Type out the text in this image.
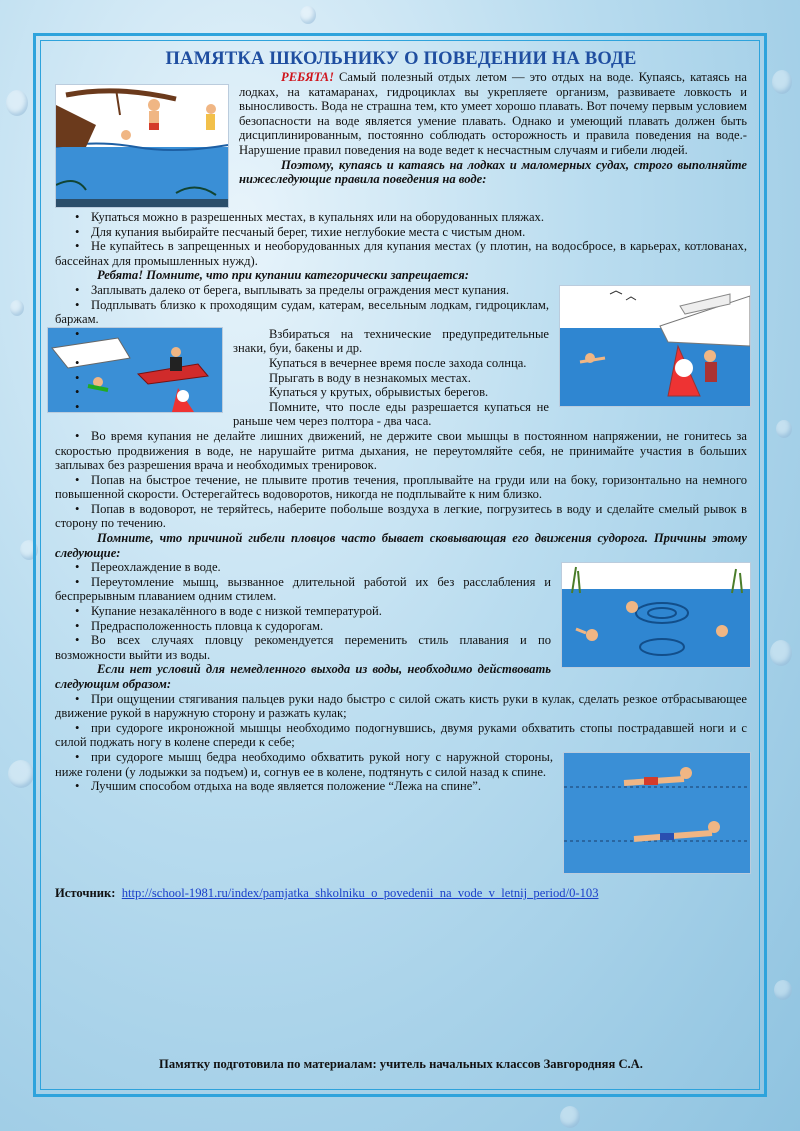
ПАМЯТКА ШКОЛЬНИКУ О ПОВЕДЕНИИ НА ВОДЕ

РЕБЯТА! Самый полезный отдых летом — это отдых на воде. Купаясь, катаясь на лодках, на катамаранах, гидроциклах вы укрепляете организм, развиваете ловкость и выносливость. Вода не страшна тем, кто умеет хорошо плавать. Вот почему первым условием безопасности на воде является умение плавать. Однако и умеющий плавать должен быть дисциплинированным, постоянно соблюдать осторожность и правила поведения на воде.- Нарушение правил поведения на воде ведет к несчастным случаям и гибели людей.

Поэтому, купаясь и катаясь на лодках и маломерных судах, строго выполняйте нижеследующие правила поведения на воде:

• Купаться можно в разрешенных местах, в купальнях или на оборудованных пляжах.
• Для купания выбирайте песчаный берег, тихие неглубокие места с чистым дном.
• Не купайтесь в запрещенных и необорудованных для купания местах (у плотин, на водосбросе, в карьерах, котлованах, бассейнах для промышленных нужд).

Ребята! Помните, что при купании категорически запрещается:

• Заплывать далеко от берега, выплывать за пределы ограждения мест купания.
• Подплывать близко к проходящим судам, катерам, весельным лодкам, гидроциклам, баржам.
• Взбираться на технические предупредительные знаки, буи, бакены и др.
• Купаться в вечернее время после захода солнца.
• Прыгать в воду в незнакомых местах.
• Купаться у крутых, обрывистых берегов.
• Помните, что после еды разрешается купаться не раньше чем через полтора - два часа.
• Во время купания не делайте лишних движений, не держите свои мышцы в постоянном напряжении, не гонитесь за скоростью продвижения в воде, не нарушайте ритма дыхания, не переутомляйте себя, не принимайте участия в больших заплывах без разрешения врача и необходимых тренировок.
• Попав на быстрое течение, не плывите против течения, проплывайте на груди или на боку, горизонтально на немного повышенной скорости. Остерегайтесь водоворотов, никогда не подплывайте к ним близко.
• Попав в водоворот, не теряйтесь, наберите побольше воздуха в легкие, погрузитесь в воду и сделайте смелый рывок в сторону по течению.

Помните, что причиной гибели пловцов часто бывает сковывающая его движения судорога. Причины этому следующие:

• Переохлаждение в воде.
• Переутомление мышц, вызванное длительной работой их без расслабления и беспрерывным плаванием одним стилем.
• Купание незакалённого в воде с низкой температурой.
• Предрасположенность пловца к судорогам.
• Во всех случаях пловцу рекомендуется переменить стиль плавания и по возможности выйти из воды.

Если нет условий для немедленного выхода из воды, необходимо действовать следующим образом:

• При ощущении стягивания пальцев руки надо быстро с силой сжать кисть руки в кулак, сделать резкое отбрасывающее движение рукой в наружную сторону и разжать кулак;
• при судороге икроножной мышцы необходимо подогнувшись, двумя руками обхватить стопы пострадавшей ноги и с силой поджать ногу в колене спереди к себе;
• при судороге мышц бедра необходимо обхватить рукой ногу с наружной стороны, ниже голени (у лодыжки за подъем) и, согнув ее в колене, подтянуть с силой назад к спине.
• Лучшим способом отдыха на воде является положение “Лежа на спине”.

Источник: http://school-1981.ru/index/pamjatka_shkolniku_o_povedenii_na_vode_v_letnij_period/0-103

Памятку подготовила по материалам: учитель начальных классов Завгородняя С.А.
